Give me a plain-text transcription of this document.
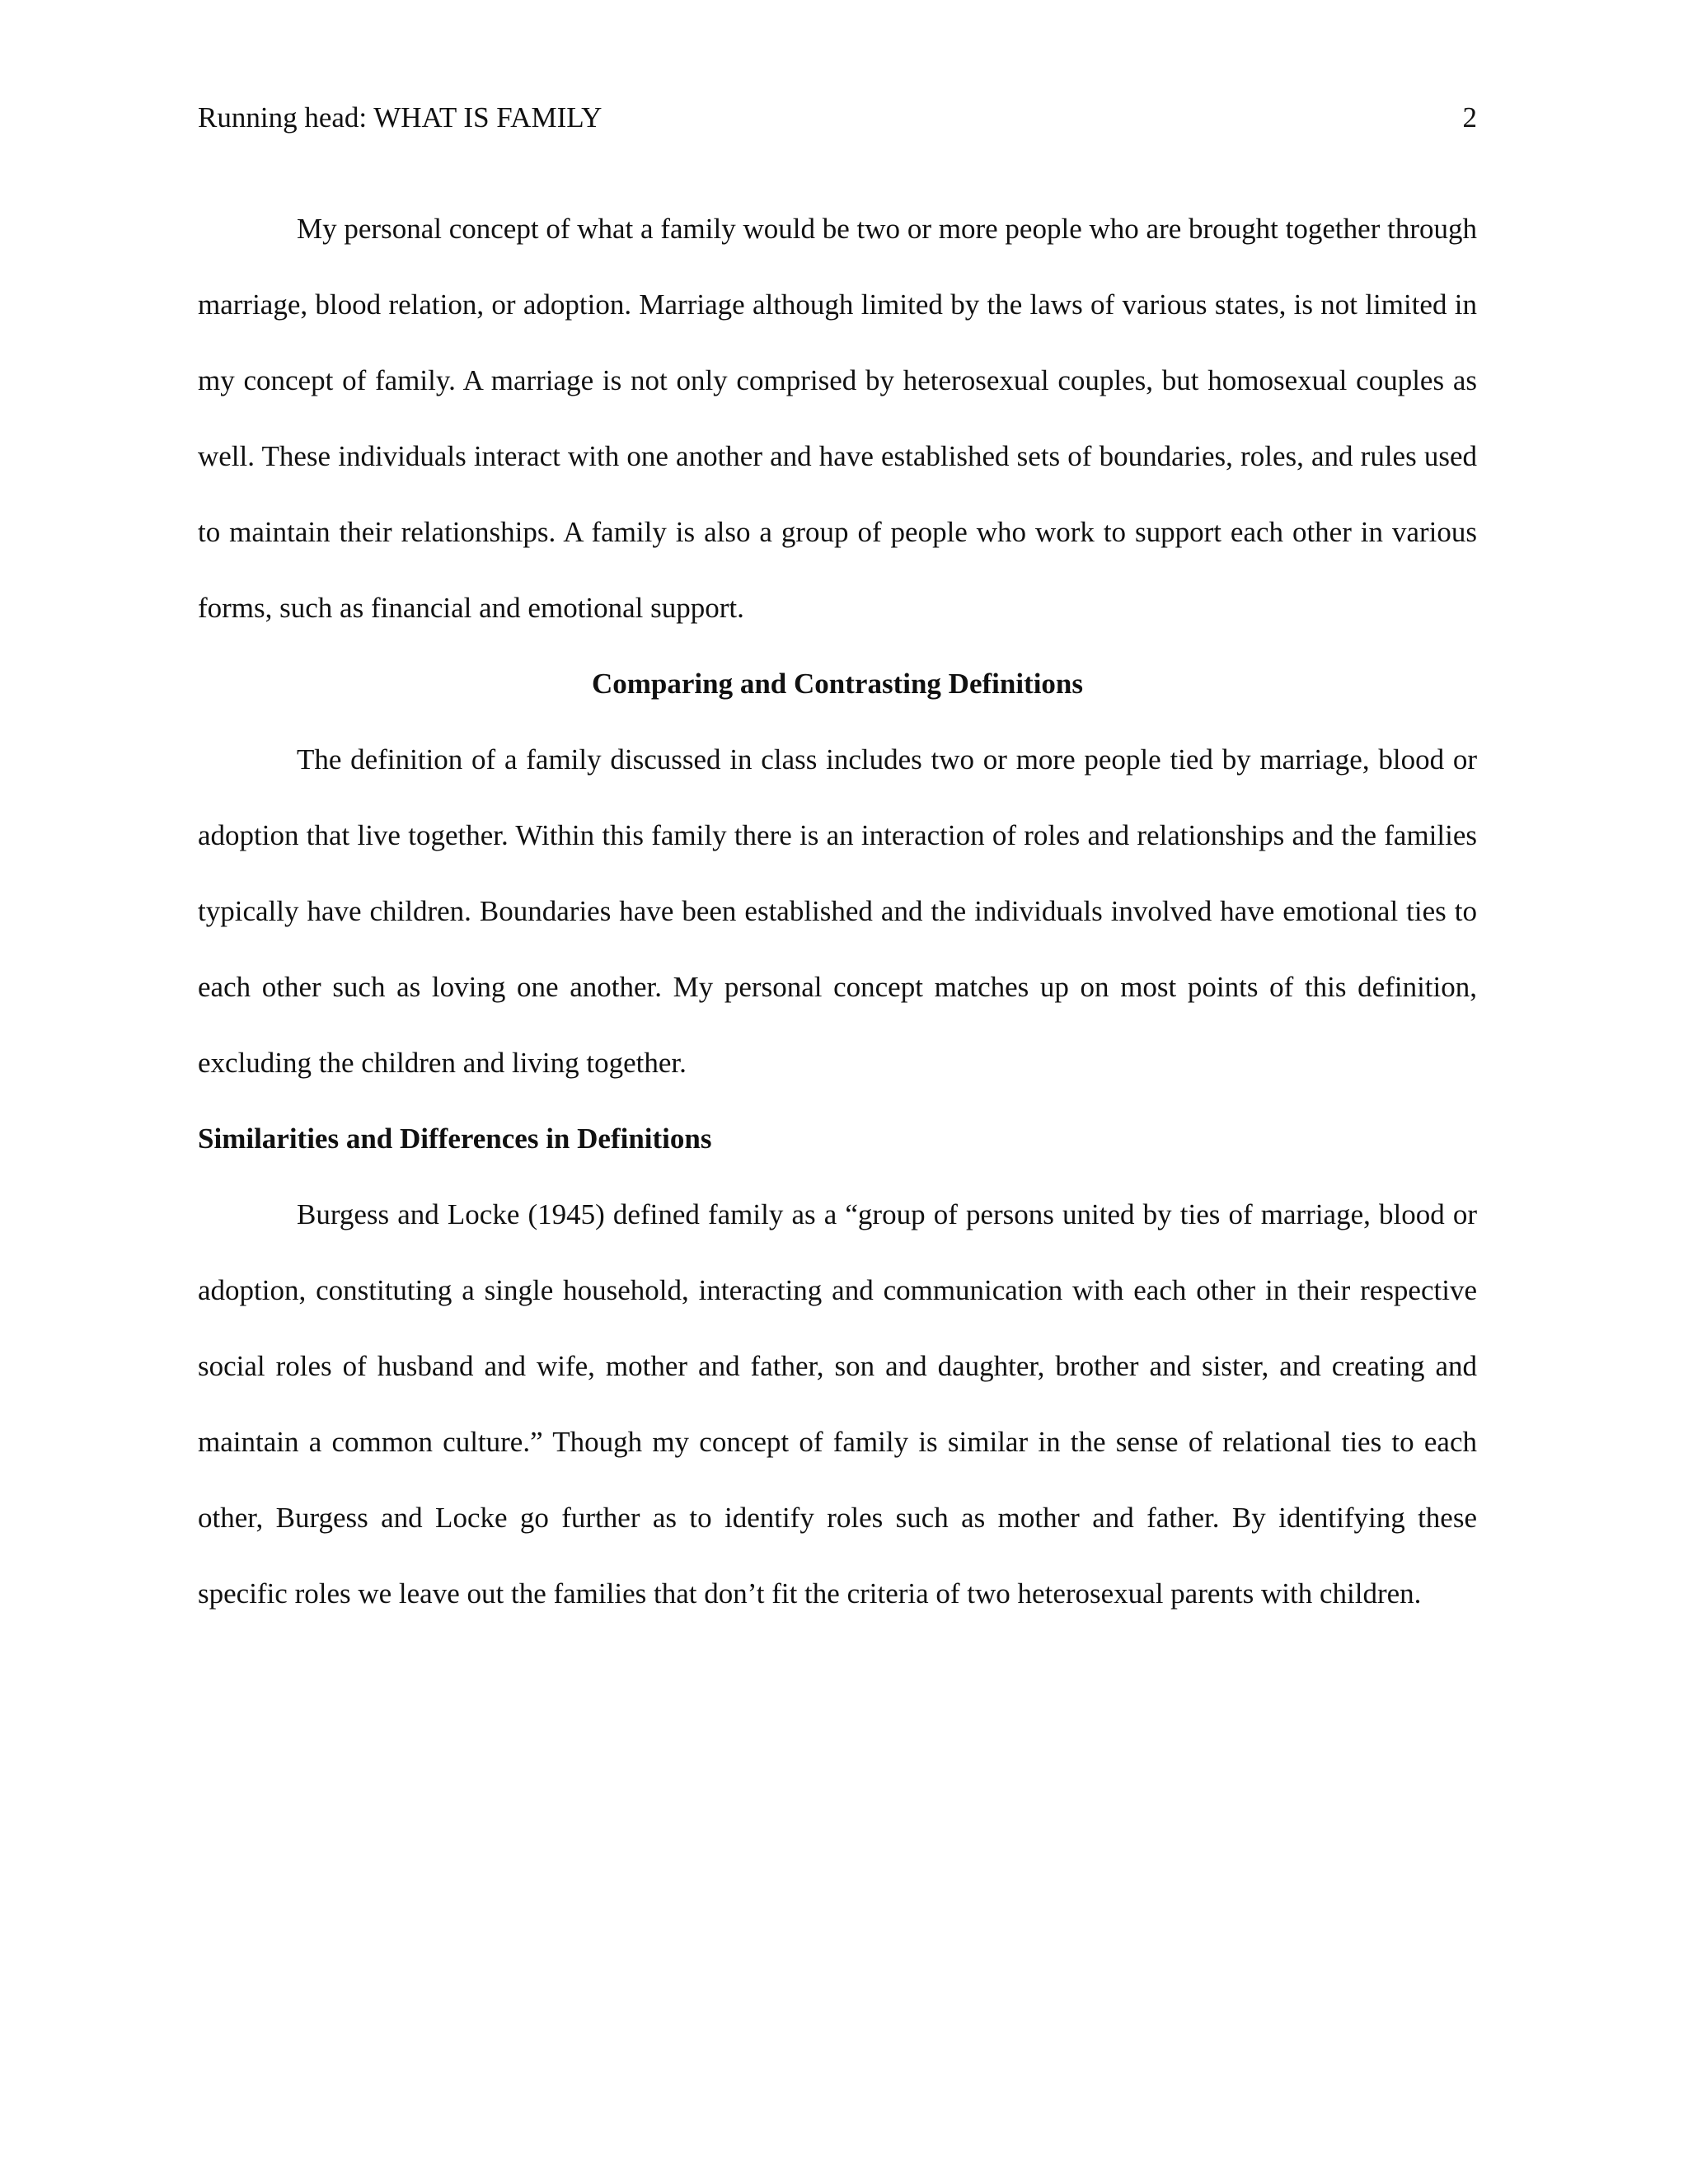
Running head: WHAT IS FAMILY	2

My personal concept of what a family would be two or more people who are brought together through marriage, blood relation, or adoption. Marriage although limited by the laws of various states, is not limited in my concept of family. A marriage is not only comprised by heterosexual couples, but homosexual couples as well. These individuals interact with one another and have established sets of boundaries, roles, and rules used to maintain their relationships. A family is also a group of people who work to support each other in various forms, such as financial and emotional support.

Comparing and Contrasting Definitions

The definition of a family discussed in class includes two or more people tied by marriage, blood or adoption that live together. Within this family there is an interaction of roles and relationships and the families typically have children. Boundaries have been established and the individuals involved have emotional ties to each other such as loving one another. My personal concept matches up on most points of this definition, excluding the children and living together.

Similarities and Differences in Definitions

Burgess and Locke (1945) defined family as a “group of persons united by ties of marriage, blood or adoption, constituting a single household, interacting and communication with each other in their respective social roles of husband and wife, mother and father, son and daughter, brother and sister, and creating and maintain a common culture.” Though my concept of family is similar in the sense of relational ties to each other, Burgess and Locke go further as to identify roles such as mother and father. By identifying these specific roles we leave out the families that don’t fit the criteria of two heterosexual parents with children.
